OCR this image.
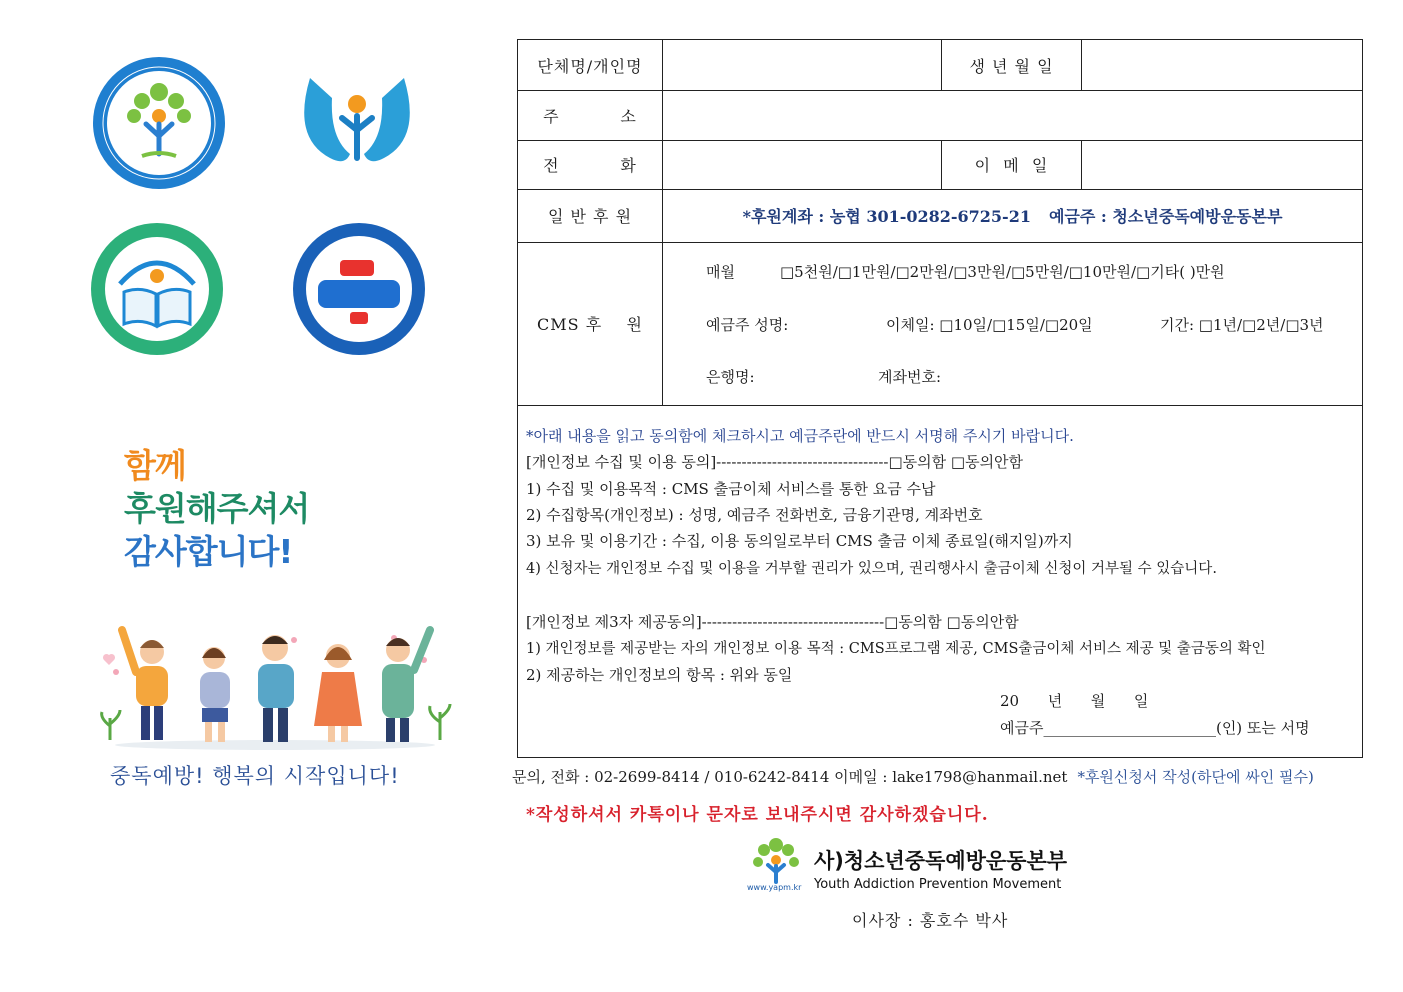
함께
후원해주셔서
감사합니다!
중독예방! 행복의 시작입니다!
단체명/개인명	생 년 월 일
주          소
전          화	이  메  일
일 반 후 원	*후원계좌 : 농협 301-0282-6725-21 예금주 : 청소년중독예방운동본부
CMS 후    원
매월	□5천원/□1만원/□2만원/□3만원/□5만원/□10만원/□기타( )만원
예금주 성명:	이체일: □10일/□15일/□20일	기간: □1년/□2년/□3년
은행명:	계좌번호:
*아래 내용을 읽고 동의함에 체크하시고 예금주란에 반드시 서명해 주시기 바랍니다.
[개인정보 수집 및 이용 동의]----------------------------------□동의함 □동의안함
1) 수집 및 이용목적 : CMS 출금이체 서비스를 통한 요금 수납
2) 수집항목(개인정보) : 성명, 예금주 전화번호, 금융기관명, 계좌번호
3) 보유 및 이용기간 : 수집, 이용 동의일로부터 CMS 출금 이체 종료일(해지일)까지
4) 신청자는 개인정보 수집 및 이용을 거부할 권리가 있으며, 권리행사시 출금이체 신청이 거부될 수 있습니다.
[개인정보 제3자 제공동의]------------------------------------□동의함 □동의안함
1) 개인정보를 제공받는 자의 개인정보 이용 목적 : CMS프로그램 제공, CMS출금이체 서비스 제공 및 출금동의 확인
2) 제공하는 개인정보의 항목 : 위와 동일
20      년      월      일
예금주_______________________(인) 또는 서명
문의, 전화 : 02-2699-8414 / 010-6242-8414 이메일 : lake1798@hanmail.net *후원신청서 작성(하단에 싸인 필수)
*작성하셔서 카톡이나 문자로 보내주시면 감사하겠습니다.
www.yapm.kr
사)청소년중독예방운동본부
Youth Addiction Prevention Movement
이사장 : 홍호수 박사
